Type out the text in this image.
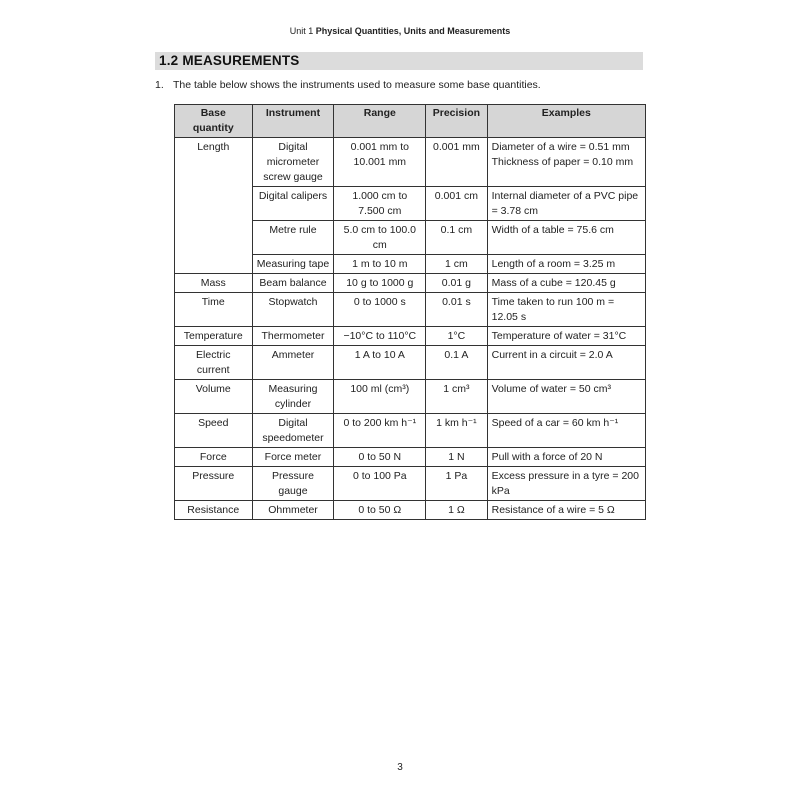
Unit 1 Physical Quantities, Units and Measurements
1.2 MEASUREMENTS
1. The table below shows the instruments used to measure some base quantities.
Base quantity	Instrument	Range	Precision	Examples
Length	Digital micrometer screw gauge	0.001 mm to 10.001 mm	0.001 mm	Diameter of a wire = 0.51 mm
Thickness of paper = 0.10 mm

	Digital calipers	1.000 cm to 7.500 cm	0.001 cm	Internal diameter of a PVC pipe = 3.78 cm

	Metre rule	5.0 cm to 100.0 cm	0.1 cm	Width of a table = 75.6 cm

	Measuring tape	1 m to 10 m	1 cm	Length of a room = 3.25 m

Mass	Beam balance	10 g to 1000 g	0.01 g	Mass of a cube = 120.45 g
Time	Stopwatch	0 to 1000 s	0.01 s	Time taken to run 100 m = 12.05 s
Temperature	Thermometer	−10°C to 110°C	1°C	Temperature of water = 31°C
Electric current	Ammeter	1 A to 10 A	0.1 A	Current in a circuit = 2.0 A
Volume	Measuring cylinder	100 ml (cm³)	1 cm³	Volume of water = 50 cm³
Speed	Digital speedometer	0 to 200 km h⁻¹	1 km h⁻¹	Speed of a car = 60 km h⁻¹
Force	Force meter	0 to 50 N	1 N	Pull with a force of 20 N
Pressure	Pressure gauge	0 to 100 Pa	1 Pa	Excess pressure in a tyre = 200 kPa
Resistance	Ohmmeter	0 to 50 Ω	1 Ω	Resistance of a wire = 5 Ω
3
